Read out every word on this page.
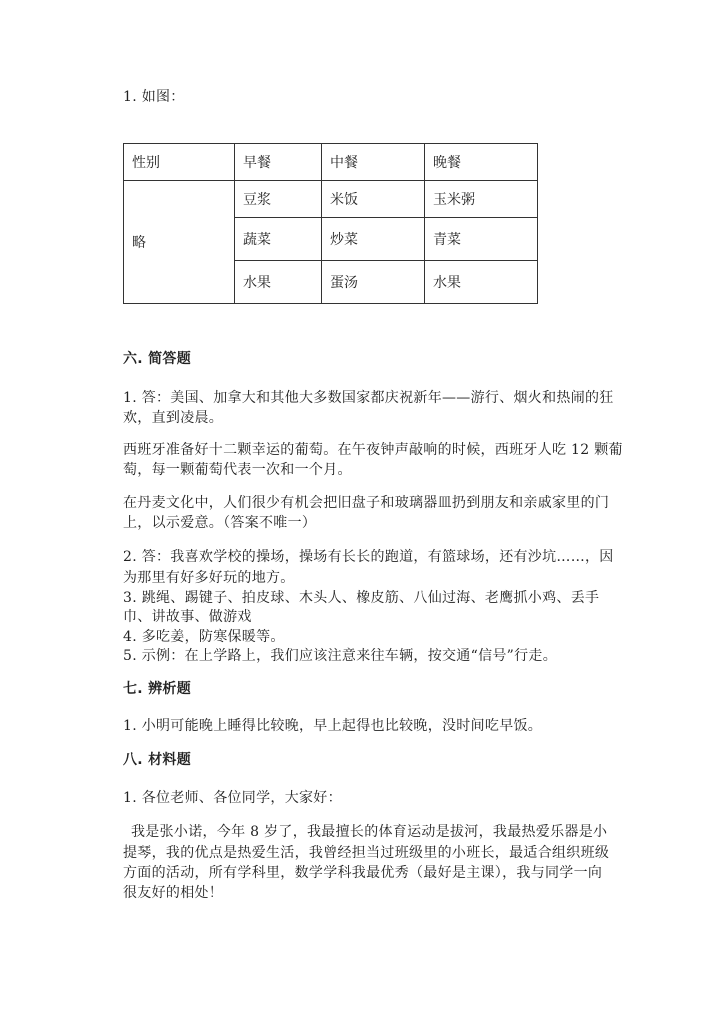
1. 如图：
性别	早餐	中餐	晚餐
略	豆浆	米饭	玉米粥
	蔬菜	炒菜	青菜
	水果	蛋汤	水果
六. 简答题
1. 答：美国、加拿大和其他大多数国家都庆祝新年——游行、烟火和热闹的狂
欢，直到凌晨。
西班牙准备好十二颗幸运的葡萄。在午夜钟声敲响的时候，西班牙人吃 12 颗葡
萄，每一颗葡萄代表一次和一个月。
在丹麦文化中，人们很少有机会把旧盘子和玻璃器皿扔到朋友和亲戚家里的门
上，以示爱意。（答案不唯一）
2. 答：我喜欢学校的操场，操场有长长的跑道，有篮球场，还有沙坑……，因
为那里有好多好玩的地方。
3. 跳绳、踢键子、拍皮球、木头人、橡皮筋、八仙过海、老鹰抓小鸡、丢手
巾、讲故事、做游戏
4. 多吃姜，防寒保暖等。
5. 示例：在上学路上，我们应该注意来往车辆，按交通“信号”行走。
七. 辨析题
1. 小明可能晚上睡得比较晚，早上起得也比较晚，没时间吃早饭。
八. 材料题
1. 各位老师、各位同学，大家好：
我是张小诺，今年 8 岁了，我最擅长的体育运动是拔河，我最热爱乐器是小
提琴，我的优点是热爱生活，我曾经担当过班级里的小班长，最适合组织班级
方面的活动，所有学科里，数学学科我最优秀（最好是主课），我与同学一向
很友好的相处！
